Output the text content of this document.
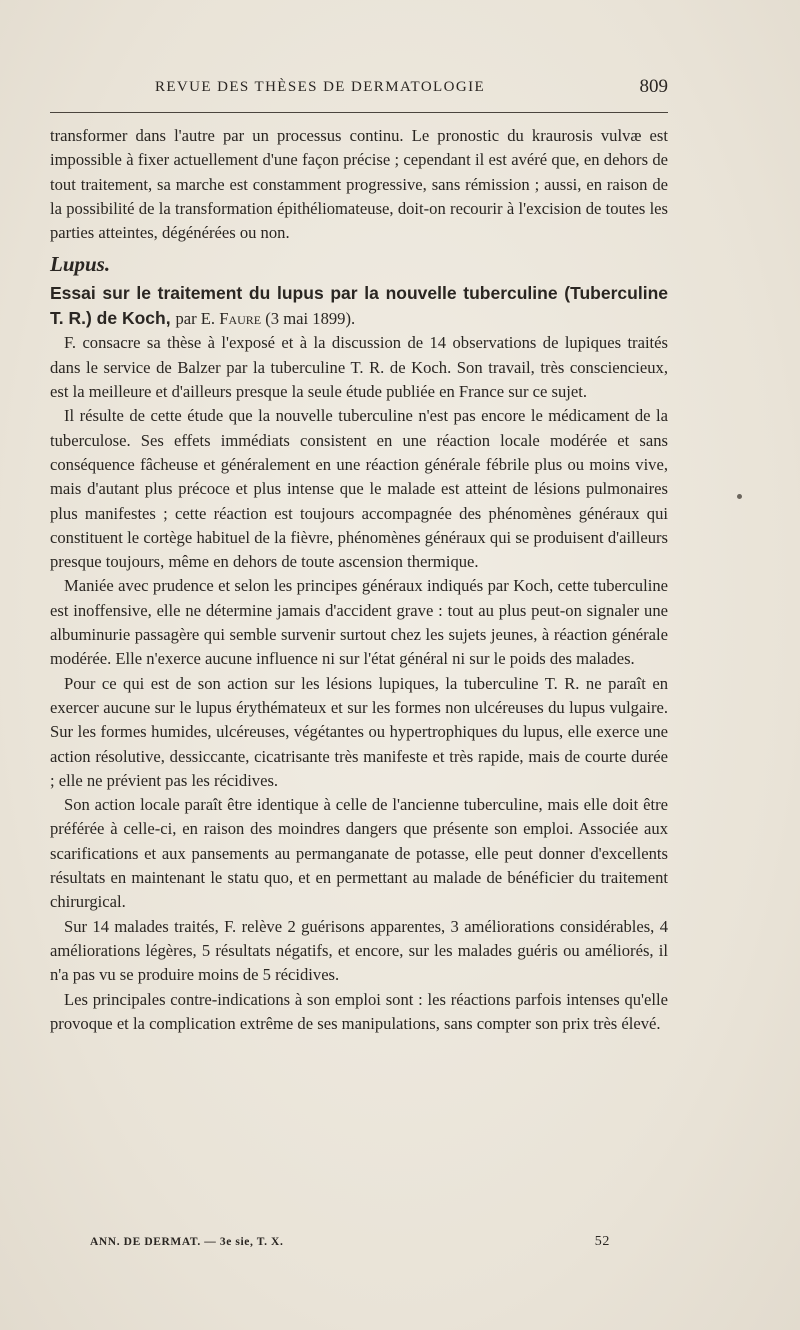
REVUE DES THÈSES DE DERMATOLOGIE	809

transformer dans l'autre par un processus continu. Le pronostic du kraurosis vulvæ est impossible à fixer actuellement d'une façon précise ; cependant il est avéré que, en dehors de tout traitement, sa marche est constamment progressive, sans rémission ; aussi, en raison de la possibilité de la transformation épithéliomateuse, doit-on recourir à l'excision de toutes les parties atteintes, dégénérées ou non.

Lupus.

Essai sur le traitement du lupus par la nouvelle tuberculine (Tuberculine T. R.) de Koch, par E. Faure (3 mai 1899).

F. consacre sa thèse à l'exposé et à la discussion de 14 observations de lupiques traités dans le service de Balzer par la tuberculine T. R. de Koch. Son travail, très consciencieux, est la meilleure et d'ailleurs presque la seule étude publiée en France sur ce sujet.

Il résulte de cette étude que la nouvelle tuberculine n'est pas encore le médicament de la tuberculose. Ses effets immédiats consistent en une réaction locale modérée et sans conséquence fâcheuse et généralement en une réaction générale fébrile plus ou moins vive, mais d'autant plus précoce et plus intense que le malade est atteint de lésions pulmonaires plus manifestes ; cette réaction est toujours accompagnée des phénomènes généraux qui constituent le cortège habituel de la fièvre, phénomènes généraux qui se produisent d'ailleurs presque toujours, même en dehors de toute ascension thermique.

Maniée avec prudence et selon les principes généraux indiqués par Koch, cette tuberculine est inoffensive, elle ne détermine jamais d'accident grave : tout au plus peut-on signaler une albuminurie passagère qui semble survenir surtout chez les sujets jeunes, à réaction générale modérée. Elle n'exerce aucune influence ni sur l'état général ni sur le poids des malades.

Pour ce qui est de son action sur les lésions lupiques, la tuberculine T. R. ne paraît en exercer aucune sur le lupus érythémateux et sur les formes non ulcéreuses du lupus vulgaire. Sur les formes humides, ulcéreuses, végétantes ou hypertrophiques du lupus, elle exerce une action résolutive, dessiccante, cicatrisante très manifeste et très rapide, mais de courte durée ; elle ne prévient pas les récidives.

Son action locale paraît être identique à celle de l'ancienne tuberculine, mais elle doit être préférée à celle-ci, en raison des moindres dangers que présente son emploi. Associée aux scarifications et aux pansements au permanganate de potasse, elle peut donner d'excellents résultats en maintenant le statu quo, et en permettant au malade de bénéficier du traitement chirurgical.

Sur 14 malades traités, F. relève 2 guérisons apparentes, 3 améliorations considérables, 4 améliorations légères, 5 résultats négatifs, et encore, sur les malades guéris ou améliorés, il n'a pas vu se produire moins de 5 récidives.

Les principales contre-indications à son emploi sont : les réactions parfois intenses qu'elle provoque et la complication extrême de ses manipulations, sans compter son prix très élevé.

ANN. DE DERMAT. — 3e sie, T. X.	52
